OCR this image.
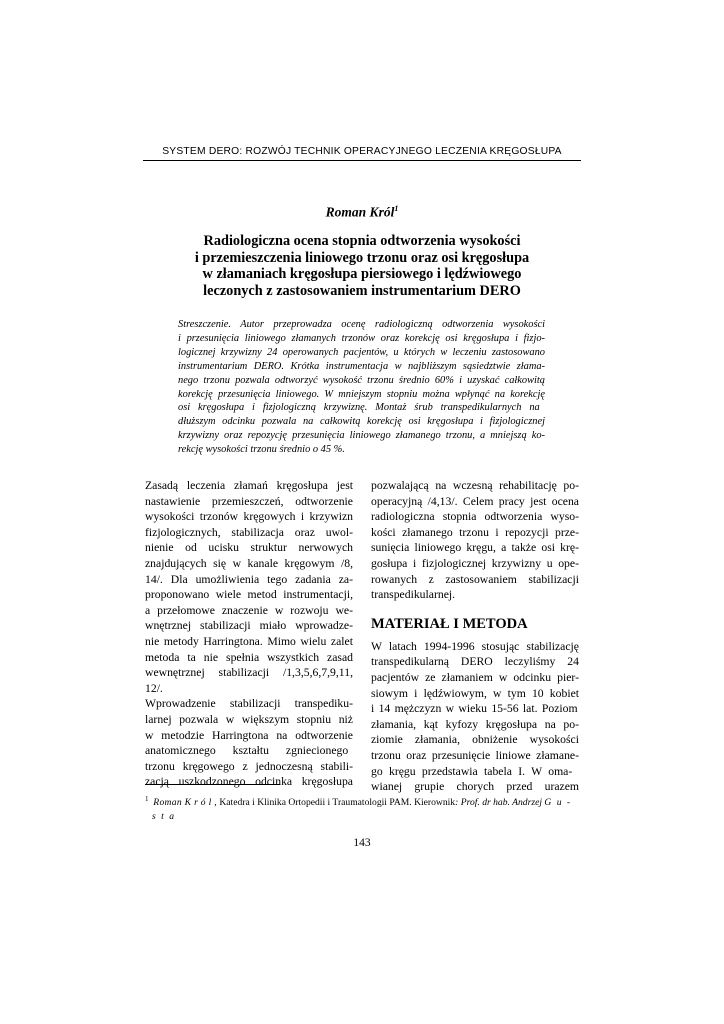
SYSTEM DERO: ROZWÓJ TECHNIK OPERACYJNEGO LECZENIA KRĘGOSŁUPA
Roman Król$^1$
Radiologiczna ocena stopnia odtworzenia wysokości
i przemieszczenia liniowego trzonu oraz osi kręgosłupa
w złamaniach kręgosłupa piersiowego i lędźwiowego
leczonych z zastosowaniem instrumentarium DERO
Streszczenie. Autor przeprowadza ocenę radiologiczną odtworzenia wysokości
i przesunięcia liniowego złamanych trzonów oraz korekcję osi kręgosłupa i fizjo-
logicznej krzywizny 24 operowanych pacjentów, u których w leczeniu zastosowano
instrumentarium DERO. Krótka instrumentacja w najbliższym sąsiedztwie złama-
nego trzonu pozwala odtworzyć wysokość trzonu średnio 60% i uzyskać całkowitą
korekcję przesunięcia liniowego. W mniejszym stopniu można wpłynąć na korekcję
osi kręgosłupa i fizjologiczną krzywiznę. Montaż śrub transpedikularnych na
dłuższym odcinku pozwala na całkowitą korekcję osi kręgosłupa i fizjologicznej
krzywizny oraz repozycję przesunięcia liniowego złamanego trzonu, a mniejszą ko-
rekcję wysokości trzonu średnio o 45 %.
Zasadą leczenia złamań kręgosłupa jest
nastawienie przemieszczeń, odtworzenie
wysokości trzonów kręgowych i krzywizn
fizjologicznych, stabilizacja oraz uwol-
nienie od ucisku struktur nerwowych
znajdujących się w kanale kręgowym /8,
14/. Dla umożliwienia tego zadania za-
proponowano wiele metod instrumentacji,
a przełomowe znaczenie w rozwoju we-
wnętrznej stabilizacji miało wprowadze-
nie metody Harringtona. Mimo wielu zalet
metoda ta nie spełnia wszystkich zasad
wewnętrznej stabilizacji /1,3,5,6,7,9,11,
12/.
Wprowadzenie stabilizacji transpediku-
larnej pozwala w większym stopniu niż
w metodzie Harringtona na odtworzenie
anatomicznego kształtu zgniecionego
trzonu kręgowego z jednoczesną stabili-
zacją uszkodzonego odcinka kręgosłupa
pozwalającą na wczesną rehabilitację po-
operacyjną /4,13/. Celem pracy jest ocena
radiologiczna stopnia odtworzenia wyso-
kości złamanego trzonu i repozycji prze-
sunięcia liniowego kręgu, a także osi krę-
gosłupa i fizjologicznej krzywizny u ope-
rowanych z zastosowaniem stabilizacji
transpedikularnej.
MATERIAŁ I METODA
W latach 1994-1996 stosując stabilizację
transpedikularną DERO leczyliśmy 24
pacjentów ze złamaniem w odcinku pier-
siowym i lędźwiowym, w tym 10 kobiet
i 14 mężczyzn w wieku 15-56 lat. Poziom
złamania, kąt kyfozy kręgosłupa na po-
ziomie złamania, obniżenie wysokości
trzonu oraz przesunięcie liniowe złamane-
go kręgu przedstawia tabela I. W oma-
wianej grupie chorych przed urazem
$^1$ Roman K r ó l , Katedra i Klinika Ortopedii i Traumatologii PAM. Kierownik: Prof. dr hab. Andrzej G u -
s t a
143
